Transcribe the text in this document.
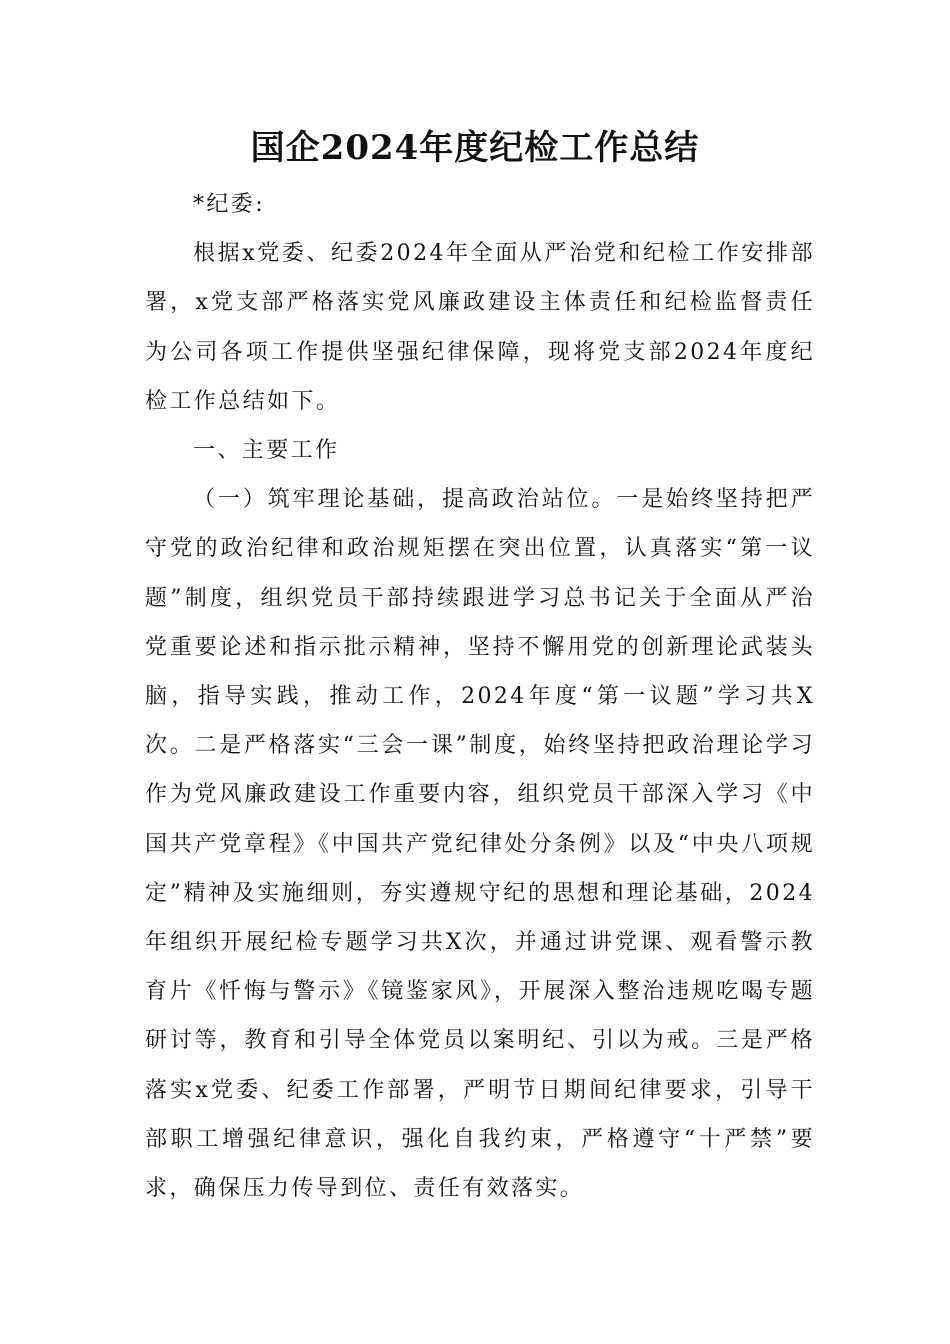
国企2024年度纪检工作总结

*纪委:

根据x党委、纪委2024年全面从严治党和纪检工作安排部署，x党支部严格落实党风廉政建设主体责任和纪检监督责任为公司各项工作提供坚强纪律保障，现将党支部2024年度纪检工作总结如下。

一、主要工作

（一）筑牢理论基础，提高政治站位。一是始终坚持把严守党的政治纪律和政治规矩摆在突出位置，认真落实“第一议题”制度，组织党员干部持续跟进学习总书记关于全面从严治党重要论述和指示批示精神，坚持不懈用党的创新理论武装头脑，指导实践，推动工作，2024年度“第一议题”学习共X次。二是严格落实“三会一课”制度，始终坚持把政治理论学习作为党风廉政建设工作重要内容，组织党员干部深入学习《中国共产党章程》《中国共产党纪律处分条例》以及“中央八项规定”精神及实施细则，夯实遵规守纪的思想和理论基础，2024年组织开展纪检专题学习共X次，并通过讲党课、观看警示教育片《忏悔与警示》《镜鉴家风》，开展深入整治违规吃喝专题研讨等，教育和引导全体党员以案明纪、引以为戒。三是严格落实x党委、纪委工作部署，严明节日期间纪律要求，引导干部职工增强纪律意识，强化自我约束，严格遵守“十严禁”要求，确保压力传导到位、责任有效落实。
